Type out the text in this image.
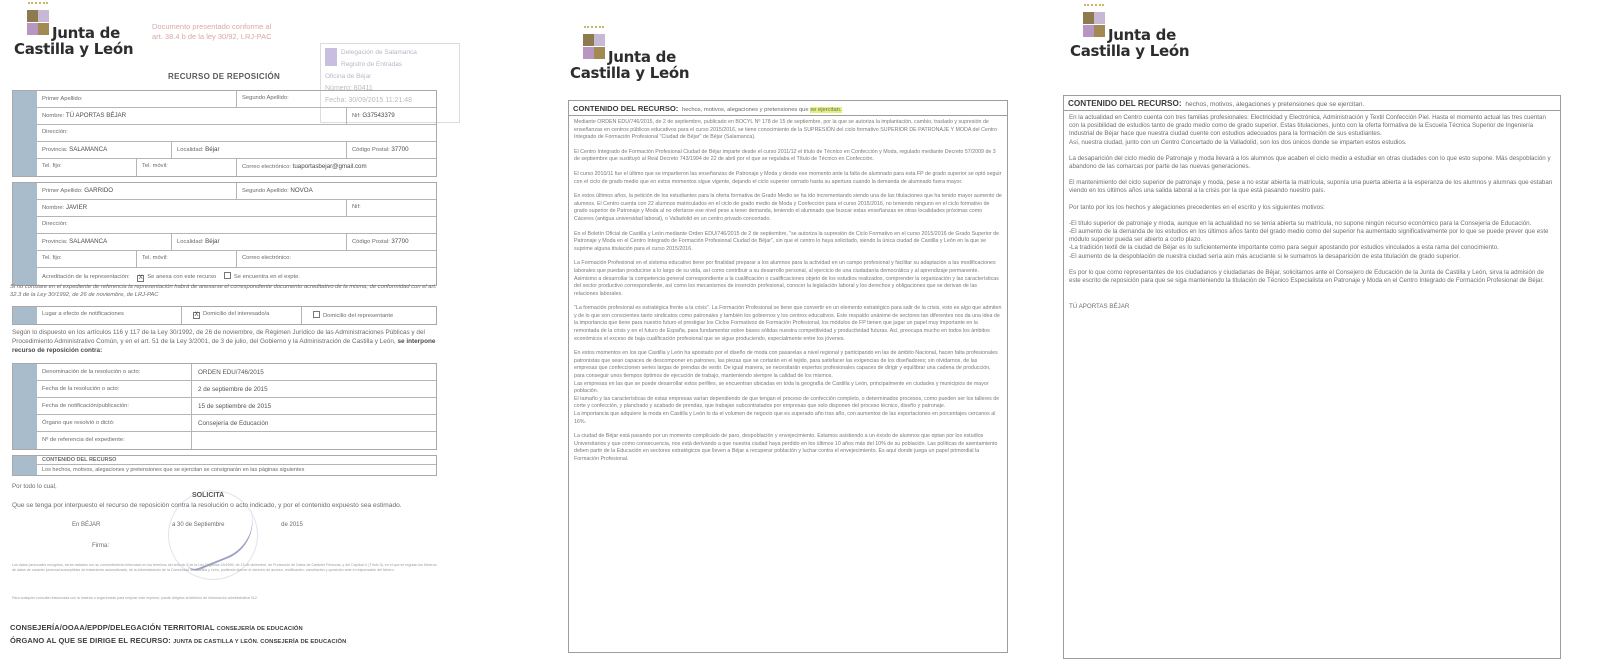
Junta de
Castilla y León
Documento presentado conforme al art. 38.4 b de la ley 30/92, LRJ-PAC
Delegación de Salamanca
Registro de Entradas
Oficina de Béjar
Número: 80411
Fecha: 30/09/2015 11:21:48
RECURSO DE REPOSICIÓN
Primer Apellido:	Segundo Apellido:
Nombre: TÚ APORTAS BÉJAR	Nif: G37543379
Dirección:
Provincia: SALAMANCA	Localidad: Béjar	Código Postal: 37700
Tel. fijo:	Tel. móvil:	Correo electrónico: tuaportasbejar@gmail.com
Primer Apellido: GARRIDO	Segundo Apellido: NOVOA
Nombre: JAVIER	Nif:
Dirección:
Provincia: SALAMANCA	Localidad: Béjar	Código Postal: 37700
Tel. fijo:	Tel. móvil:	Correo electrónico:
Acreditación de la representación: X Se anexa con este recurso	Se encuentra en el expte.
Si no constare en el expediente de referencia la representación habrá de anexarse el correspondiente documento acreditativo de la misma, de conformidad con el art. 32.3 de la Ley 30/1992, de 26 de noviembre, de LRJ-PAC
Lugar a efecto de notificaciones	X Domicilio del interesado/a	Domicilio del representante
Según lo dispuesto en los artículos 116 y 117 de la Ley 30/1992, de 26 de noviembre, de Régimen Jurídico de las Administraciones Públicas y del Procedimiento Administrativo Común, y en el art. 51 de la Ley 3/2001, de 3 de julio, del Gobierno y la Administración de Castilla y León, se interpone recurso de reposición contra:
Denominación de la resolución o acto:	ORDEN EDU/746/2015
Fecha de la resolución o acto:	2 de septiembre de 2015
Fecha de notificación/publicación:	15 de septiembre de 2015
Órgano que resolvió o dictó:	Consejería de Educación
Nº de referencia del expediente:
CONTENIDO DEL RECURSO
Los hechos, motivos, alegaciones y pretensiones que se ejercitan se consignarán en las páginas siguientes
Por todo lo cual,
SOLICITA
Que se tenga por interpuesto el recurso de reposición contra la resolución o acto indicado, y por el contenido expuesto sea estimado.
En BÉJAR	a 30 de Septiembre	de 2015
Firma:
Los datos personales recogidos, serán tratados con su consentimiento informado en los términos del artículo 5 de la Ley Orgánica 15/1999, de 13 de diciembre, de Protección de Datos de Carácter Personal, y del Capítulo II (Título II), en el que se regulan los ficheros de datos de carácter personal susceptibles de tratamiento automatizado, de la Administración de la Comunidad de Castilla y León, pudiendo ejercer el derecho de acceso, rectificación, cancelación y oposición ante el responsable del fichero.
Para cualquier consulta relacionada con la materia o sugerencias para mejorar este impreso, puede dirigirse al teléfono de información administrativa 012.
CONSEJERÍA/OOAA/EPDP/DELEGACIÓN TERRITORIAL CONSEJERÍA DE EDUCACIÓN
ÓRGANO AL QUE SE DIRIGE EL RECURSO: JUNTA DE CASTILLA Y LEÓN. CONSEJERÍA DE EDUCACIÓN
Junta de
Castilla y León
CONTENIDO DEL RECURSO: hechos, motivos, alegaciones y pretensiones que se ejercitan.

Mediante ORDEN EDU/746/2015, de 2 de septiembre, publicado en BOCYL Nº 178 de 15 de septiembre, por la que se autoriza la implantación, cambio, traslado y supresión de enseñanzas en centros públicos educativos para el curso 2015/2016, se tiene conocimiento de la SUPRESIÓN del ciclo formativo SUPERIOR DE PATRONAJE Y MODA del Centro Integrado de Formación Profesional "Ciudad de Béjar" de Béjar (Salamanca).

El Centro Integrado de Formación Profesional Ciudad de Béjar imparte desde el curso 2011/12 el título de Técnico en Confección y Moda, regulado mediante Decreto 57/2009 de 3 de septiembre que sustituyó al Real Decreto 743/1994 de 22 de abril por el que se regulaba el Título de Técnico en Confección.

El curso 2010/11 fue el último que se impartieron las enseñanzas de Patronaje y Moda y desde ese momento ante la falta de alumnado para esta FP de grado superior se optó seguir con el ciclo de grado medio que en estos momentos sigue vigente, dejando el ciclo superior cerrado hasta su apertura cuando la demanda de alumnado fuera mayor.

En estos últimos años, la petición de los estudiantes para la oferta formativa de Grado Medio se ha ido incrementando siendo una de las titulaciones que ha tenido mayor aumento de alumnos. El Centro cuenta con 22 alumnos matriculados en el ciclo de grado medio de Moda y Confección para el curso 2015/2016, no teniendo ninguno en el ciclo formativo de grado superior de Patronaje y Moda al no ofertarse ese nivel pese a tener demanda, teniendo el alumnado que buscar estas enseñanzas en otras localidades próximas como Cáceres (antigua universidad laboral), o Valladolid en un centro privado concertado.

En el Boletín Oficial de Castilla y León mediante Orden EDU/746/2015 de 2 de septiembre, "se autoriza la supresión de Ciclo Formativo en el curso 2015/2016 de Grado Superior de Patronaje y Moda en el Centro Integrado de Formación Profesional Ciudad de Béjar", sin que el centro lo haya solicitado, siendo la única ciudad de Castilla y León en la que se suprime alguna titulación para el curso 2015/2016.

La Formación Profesional en el sistema educativo tiene por finalidad preparar a los alumnos para la actividad en un campo profesional y facilitar su adaptación a las modificaciones laborales que puedan producirse a lo largo de su vida, así como contribuir a su desarrollo personal, al ejercicio de una ciudadanía democrática y al aprendizaje permanente. Asimismo a desarrollar la competencia general correspondiente a la cualificación o cualificaciones objeto de los estudios realizados, comprender la organización y las características del sector productivo correspondiente, así como los mecanismos de inserción profesional, conocer la legislación laboral y los derechos y obligaciones que se derivan de las relaciones laborales.

"La formación profesional es estratégica frente a la crisis". La Formación Profesional se tiene que convertir en un elemento estratégico para salir de la crisis, esto es algo que admiten y de lo que son conscientes tanto sindicatos como patronales y también los gobiernos y los centros educativos. Este respaldo unánime de sectores tan diferentes nos da una idea de la importancia que tiene para nuestro futuro el prestigiar los Ciclos Formativos de Formación Profesional, los módulos de FP tienen que jugar un papel muy importante en la remontada de la crisis y en el futuro de España, para fundamentar sobre bases sólidas nuestra competitividad y productividad futuras. Así, preocupa mucho en todos los ámbitos económicos el exceso de baja cualificación profesional que se sigue produciendo, especialmente entre los jóvenes.

En estos momentos en los que Castilla y León ha apostado por el diseño de moda con pasarelas a nivel regional y participando en las de ámbito Nacional, hacen falta profesionales patronistas que sean capaces de descomponer en patrones, las piezas que se cortarán en el tejido, para satisfacer las exigencias de los diseñadores; sin olvidarnos, de las empresas que confeccionen series largas de prendas de vestir. De igual manera, se necesitarán expertos profesionales capaces de dirigir y equilibrar una cadena de producción, para conseguir unos tiempos óptimos de ejecución de trabajo, manteniendo siempre la calidad de los mismos.

Las empresas en las que se puede desarrollar estos perfiles, se encuentran ubicadas en toda la geografía de Castilla y León, principalmente en ciudades y municipios de mayor población.

El tamaño y las características de estas empresas varían dependiendo de que tengan el proceso de confección completo, o determinados procesos, como pueden ser los talleres de corte y confección, y planchado y acabado de prendas, que trabajan subcontratados por empresas que solo disponen del proceso técnico, diseño y patronaje.

La importancia que adquiere la moda en Castilla y León lo da el volumen de negocio que es superado año tras año, con aumentos de las exportaciones en porcentajes cercanos al 16%.

La ciudad de Béjar está pasando por un momento complicado de paro, despoblación y envejecimiento. Estamos asistiendo a un éxodo de alumnos que optan por los estudios Universitarios y que como consecuencia, nos está derivando a que nuestra ciudad haya perdido en los últimos 10 años más del 10% de su población. Las políticas de asentamiento deben partir de la Educación en sectores estratégicos que lleven a Béjar a recuperar población y luchar contra el envejecimiento. Es aquí donde juega un papel primordial la Formación Profesional.

Junta de
Castilla y León
CONTENIDO DEL RECURSO: hechos, motivos, alegaciones y pretensiones que se ejercitan.

En la actualidad en Centro cuenta con tres familias profesionales: Electricidad y Electrónica, Administración y Textil Confección Piel. Hasta el momento actual las tres cuentan con la posibilidad de estudios tanto de grado medio como de grado superior. Estas titulaciones, junto con la oferta formativa de la Escuela Técnica Superior de Ingeniería Industrial de Béjar hace que nuestra ciudad cuente con estudios adecuados para la formación de sus estudiantes.

Así, nuestra ciudad, junto con un Centro Concertado de la Valladolid, son los dos únicos donde se imparten estos estudios.

La desaparición del ciclo medio de Patronaje y moda llevará a los alumnos que acaben el ciclo medio a estudiar en otras ciudades con lo que esto supone. Más despoblación y abandono de las comarcas por parte de las nuevas generaciones.

El mantenimiento del ciclo superior de patronaje y moda, pese a no estar abierta la matrícula, suponía una puerta abierta a la esperanza de los alumnos y alumnas que estaban viendo en los últimos años una salida laboral a la crisis por la que está pasando nuestro país.

Por tanto por los los hechos y alegaciones precedentes en el escrito y los siguientes motivos:

-El título superior de patronaje y moda, aunque en la actualidad no se tenía abierta su matrícula, no supone ningún recurso económico para la Consejería de Educación.

-El aumento de la demanda de los estudios en los últimos años tanto del grado medio como del superior ha aumentado significativamente por lo que se puede prever que este módulo superior pueda ser abierto a corto plazo.

-La tradición textil de la ciudad de Béjar es lo suficientemente importante como para seguir apostando por estudios vinculados a esta rama del conocimiento.

-El aumento de la despoblación de nuestra ciudad sería aún más acuciante si le sumamos la desaparición de esta titulación de grado superior.

Es por lo que como representantes de los ciudadanos y ciudadanas de Béjar, solicitamos ante el Consejero de Educación de la Junta de Castilla y León, sirva la admisión de este escrito de reposición para que se siga manteniendo la titulación de Técnico Especialista en Patronaje y Moda en el Centro Integrado de Formación Profesional de Béjar.

TÚ APORTAS BÉJAR
